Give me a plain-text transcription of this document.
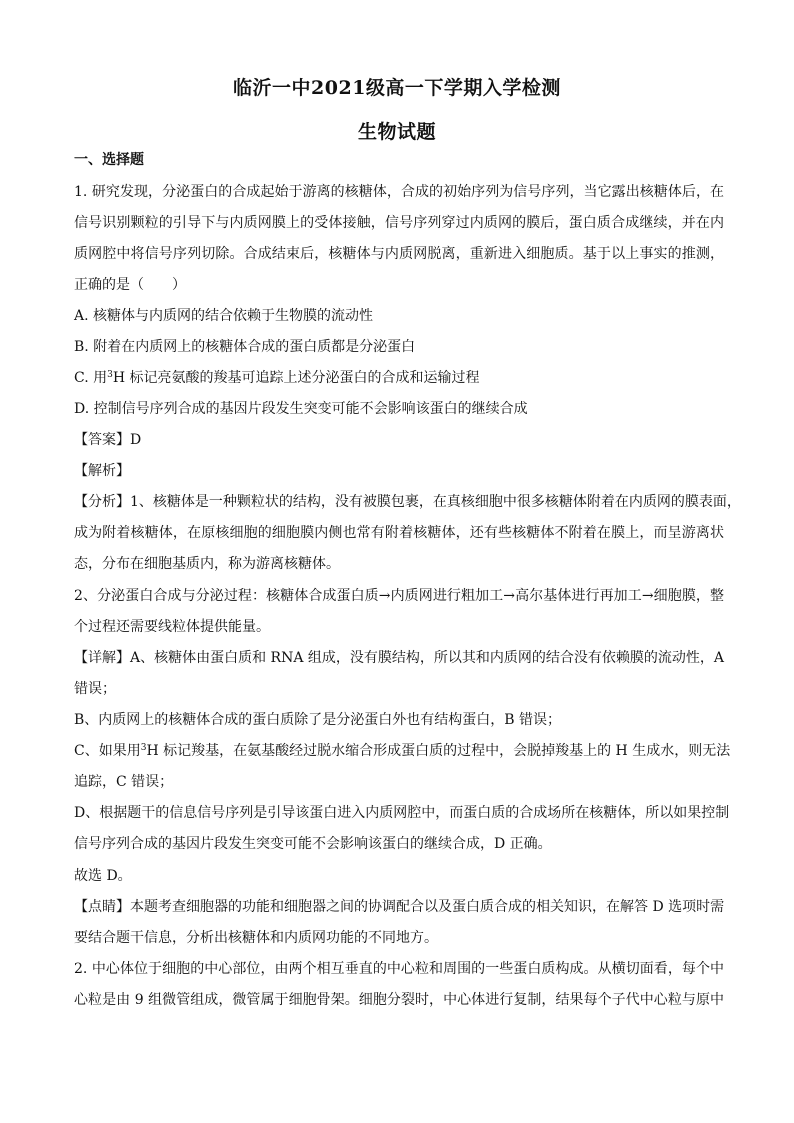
临沂一中2021级高一下学期入学检测
生物试题
一、选择题
1. 研究发现，分泌蛋白的合成起始于游离的核糖体，合成的初始序列为信号序列，当它露出核糖体后，在
信号识别颗粒的引导下与内质网膜上的受体接触，信号序列穿过内质网的膜后，蛋白质合成继续，并在内
质网腔中将信号序列切除。合成结束后，核糖体与内质网脱离，重新进入细胞质。基于以上事实的推测，
正确的是（　　）
A. 核糖体与内质网的结合依赖于生物膜的流动性
B. 附着在内质网上的核糖体合成的蛋白质都是分泌蛋白
C. 用$^3$H 标记亮氨酸的羧基可追踪上述分泌蛋白的合成和运输过程
D. 控制信号序列合成的基因片段发生突变可能不会影响该蛋白的继续合成
【答案】D
【解析】
【分析】1、核糖体是一种颗粒状的结构，没有被膜包裹，在真核细胞中很多核糖体附着在内质网的膜表面，
成为附着核糖体，在原核细胞的细胞膜内侧也常有附着核糖体，还有些核糖体不附着在膜上，而呈游离状
态，分布在细胞基质内，称为游离核糖体。
2、分泌蛋白合成与分泌过程：核糖体合成蛋白质→内质网进行粗加工→高尔基体进行再加工→细胞膜，整
个过程还需要线粒体提供能量。
【详解】A、核糖体由蛋白质和 RNA 组成，没有膜结构，所以其和内质网的结合没有依赖膜的流动性，A
错误；
B、内质网上的核糖体合成的蛋白质除了是分泌蛋白外也有结构蛋白，B 错误；
C、如果用$^3$H 标记羧基，在氨基酸经过脱水缩合形成蛋白质的过程中，会脱掉羧基上的 H 生成水，则无法
追踪，C 错误；
D、根据题干的信息信号序列是引导该蛋白进入内质网腔中，而蛋白质的合成场所在核糖体，所以如果控制
信号序列合成的基因片段发生突变可能不会影响该蛋白的继续合成，D 正确。
故选 D。
【点睛】本题考查细胞器的功能和细胞器之间的协调配合以及蛋白质合成的相关知识，在解答 D 选项时需
要结合题干信息，分析出核糖体和内质网功能的不同地方。
2. 中心体位于细胞的中心部位，由两个相互垂直的中心粒和周围的一些蛋白质构成。从横切面看，每个中
心粒是由 9 组微管组成，微管属于细胞骨架。细胞分裂时，中心体进行复制，结果每个子代中心粒与原中
